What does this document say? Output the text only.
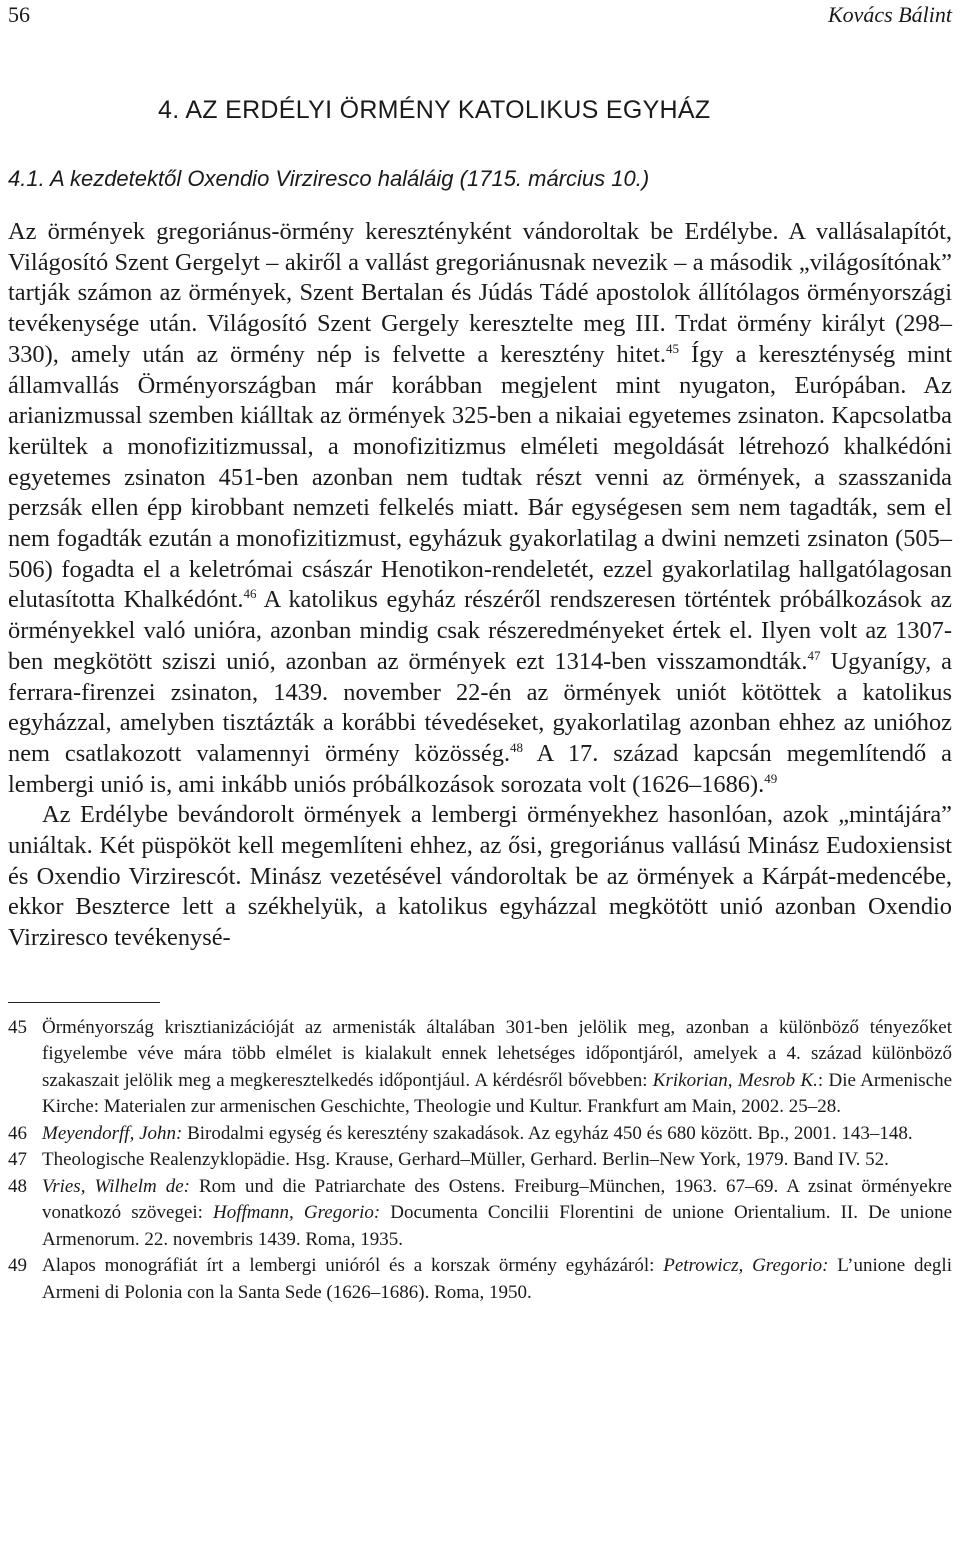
56	Kovács Bálint
4. AZ ERDÉLYI ÖRMÉNY KATOLIKUS EGYHÁZ
4.1. A kezdetektől Oxendio Virziresco haláláig (1715. március 10.)

Az örmények gregoriánus-örmény keresztényként vándoroltak be Erdélybe. A vallásalapítót, Világosító Szent Gergelyt – akiről a vallást gregoriánusnak nevezik – a második „világosítónak” tartják számon az örmények, Szent Bertalan és Júdás Tádé apostolok állítólagos örményországi tevékenysége után. Világosító Szent Gergely keresztelte meg III. Trdat örmény királyt (298–330), amely után az örmény nép is felvette a keresztény hitet.$^{45}$ Így a kereszténység mint államvallás Örményországban már korábban megjelent mint nyugaton, Európában. Az arianizmussal szemben kiálltak az örmények 325-ben a nikaiai egyetemes zsinaton. Kapcsolatba kerültek a monofizitizmussal, a monofizitizmus elméleti megoldását létrehozó khalkédóni egyetemes zsinaton 451-ben azonban nem tudtak részt venni az örmények, a szasszanida perzsák ellen épp kirobbant nemzeti felkelés miatt. Bár egységesen sem nem tagadták, sem el nem fogadták ezután a monofizitizmust, egyházuk gyakorlatilag a dwini nemzeti zsinaton (505–506) fogadta el a keletrómai császár Henotikon-rendeletét, ezzel gyakorlatilag hallgatólagosan elutasította Khalkédónt.$^{46}$ A katolikus egyház részéről rendszeresen történtek próbálkozások az örményekkel való unióra, azonban mindig csak részeredményeket értek el. Ilyen volt az 1307-ben megkötött sziszi unió, azonban az örmények ezt 1314-ben visszamondták.$^{47}$ Ugyanígy, a ferrara-firenzei zsinaton, 1439. november 22-én az örmények uniót kötöttek a katolikus egyházzal, amelyben tisztázták a korábbi tévedéseket, gyakorlatilag azonban ehhez az unióhoz nem csatlakozott valamennyi örmény közösség.$^{48}$ A 17. század kapcsán megemlítendő a lembergi unió is, ami inkább uniós próbálkozások sorozata volt (1626–1686).$^{49}$

Az Erdélybe bevándorolt örmények a lembergi örményekhez hasonlóan, azok „mintájára” uniáltak. Két püspököt kell megemlíteni ehhez, az ősi, gregoriánus vallású Minász Eudoxiensist és Oxendio Virzirescót. Minász vezetésével vándoroltak be az örmények a Kárpát-medencébe, ekkor Beszterce lett a székhelyük, a katolikus egyházzal megkötött unió azonban Oxendio Virziresco tevékenysé-

45 Örményország krisztianizációját az armenisták általában 301-ben jelölik meg, azonban a különböző tényezőket figyelembe véve mára több elmélet is kialakult ennek lehetséges időpontjáról, amelyek a 4. század különböző szakaszait jelölik meg a megkeresztelkedés időpontjául. A kérdésről bővebben: Krikorian, Mesrob K.: Die Armenische Kirche: Materialen zur armenischen Geschichte, Theologie und Kultur. Frankfurt am Main, 2002. 25–28.
46 Meyendorff, John: Birodalmi egység és keresztény szakadások. Az egyház 450 és 680 között. Bp., 2001. 143–148.
47 Theologische Realenzyklopädie. Hsg. Krause, Gerhard–Müller, Gerhard. Berlin–New York, 1979. Band IV. 52.
48 Vries, Wilhelm de: Rom und die Patriarchate des Ostens. Freiburg–München, 1963. 67–69. A zsinat örményekre vonatkozó szövegei: Hoffmann, Gregorio: Documenta Concilii Florentini de unione Orientalium. II. De unione Armenorum. 22. novembris 1439. Roma, 1935.
49 Alapos monográfiát írt a lembergi unióról és a korszak örmény egyházáról: Petrowicz, Gregorio: L’unione degli Armeni di Polonia con la Santa Sede (1626–1686). Roma, 1950.
